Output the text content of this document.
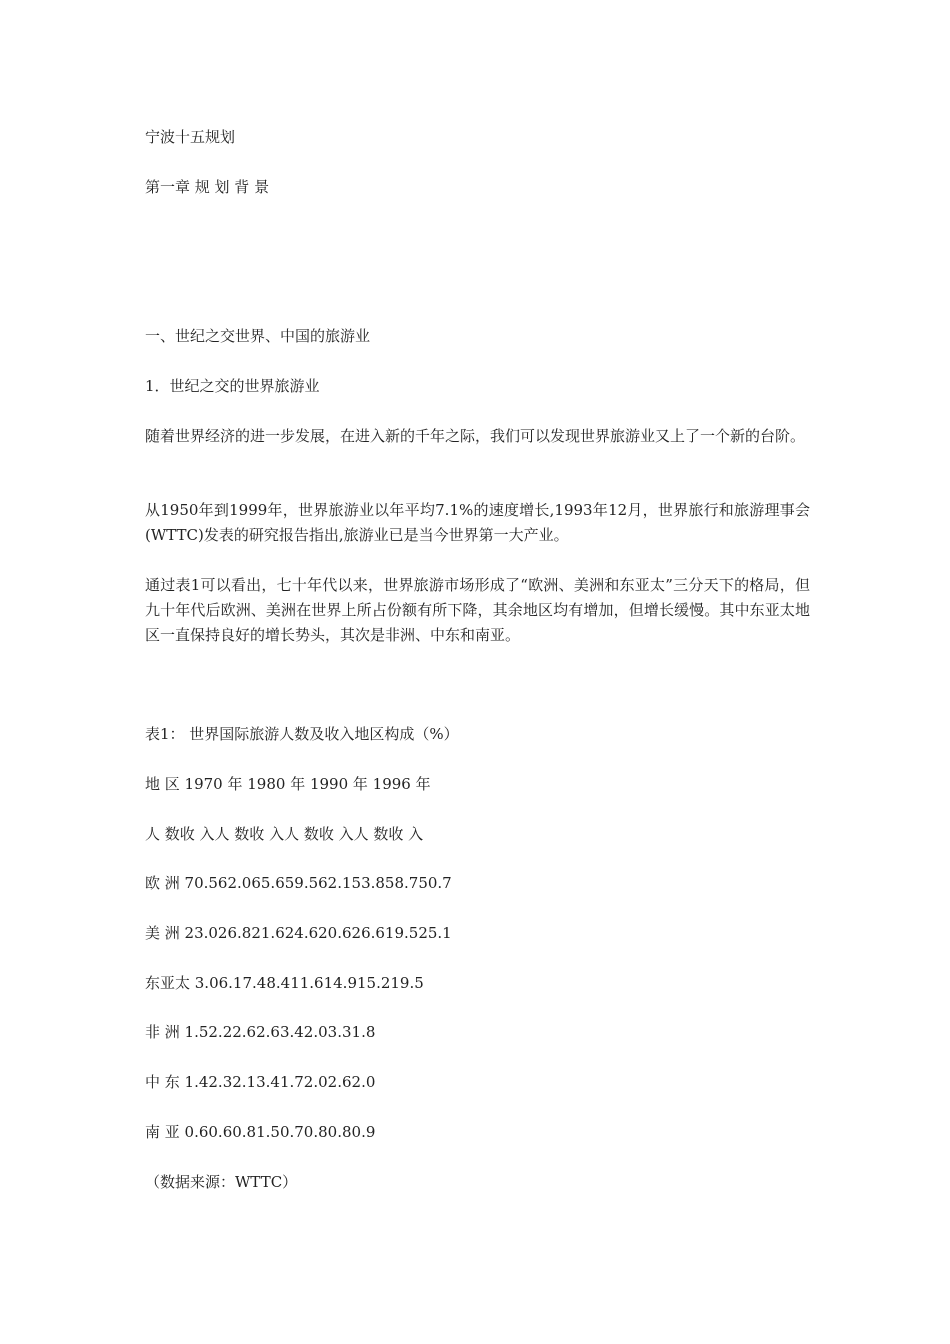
宁波十五规划
第一章 规 划 背 景
一、世纪之交世界、中国的旅游业
1．世纪之交的世界旅游业
随着世界经济的进一步发展，在进入新的千年之际，我们可以发现世界旅游业又上了一个新的台阶。
从1950年到1999年，世界旅游业以年平均7.1%的速度增长,1993年12月，世界旅行和旅游理事会(WTTC)发表的研究报告指出,旅游业已是当今世界第一大产业。
通过表1可以看出，七十年代以来，世界旅游市场形成了“欧洲、美洲和东亚太”三分天下的格局，但九十年代后欧洲、美洲在世界上所占份额有所下降，其余地区均有增加，但增长缓慢。其中东亚太地区一直保持良好的增长势头，其次是非洲、中东和南亚。
表1： 世界国际旅游人数及收入地区构成（%）
地 区 1970 年 1980 年 1990 年 1996 年
人 数收 入人 数收 入人 数收 入人 数收 入
欧 洲 70.562.065.659.562.153.858.750.7
美 洲 23.026.821.624.620.626.619.525.1
东亚太 3.06.17.48.411.614.915.219.5
非 洲 1.52.22.62.63.42.03.31.8
中 东 1.42.32.13.41.72.02.62.0
南 亚 0.60.60.81.50.70.80.80.9
（数据来源：WTTC）
